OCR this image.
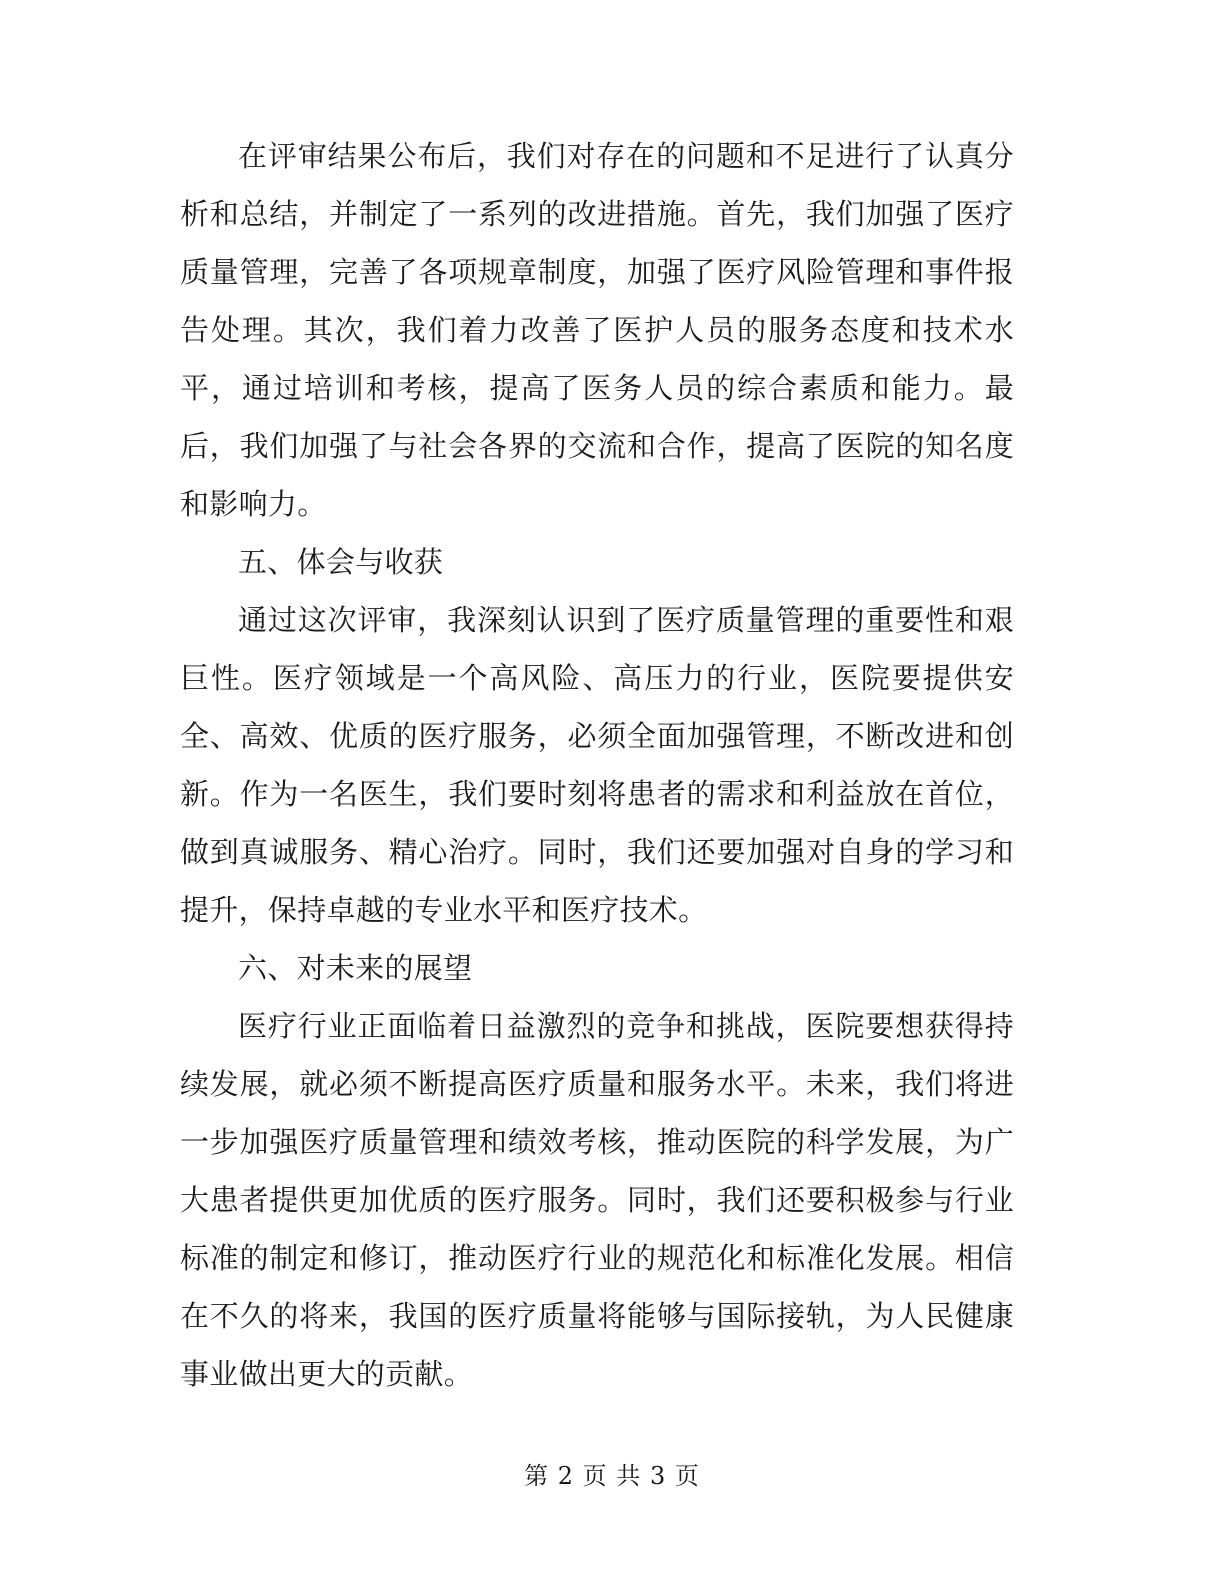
在评审结果公布后，我们对存在的问题和不足进行了认真分析和总结，并制定了一系列的改进措施。首先，我们加强了医疗质量管理，完善了各项规章制度，加强了医疗风险管理和事件报告处理。其次，我们着力改善了医护人员的服务态度和技术水平，通过培训和考核，提高了医务人员的综合素质和能力。最后，我们加强了与社会各界的交流和合作，提高了医院的知名度和影响力。

五、体会与收获

通过这次评审，我深刻认识到了医疗质量管理的重要性和艰巨性。医疗领域是一个高风险、高压力的行业，医院要提供安全、高效、优质的医疗服务，必须全面加强管理，不断改进和创新。作为一名医生，我们要时刻将患者的需求和利益放在首位，做到真诚服务、精心治疗。同时，我们还要加强对自身的学习和提升，保持卓越的专业水平和医疗技术。

六、对未来的展望

医疗行业正面临着日益激烈的竞争和挑战，医院要想获得持续发展，就必须不断提高医疗质量和服务水平。未来，我们将进一步加强医疗质量管理和绩效考核，推动医院的科学发展，为广大患者提供更加优质的医疗服务。同时，我们还要积极参与行业标准的制定和修订，推动医疗行业的规范化和标准化发展。相信在不久的将来，我国的医疗质量将能够与国际接轨，为人民健康事业做出更大的贡献。

第 2 页 共 3 页
